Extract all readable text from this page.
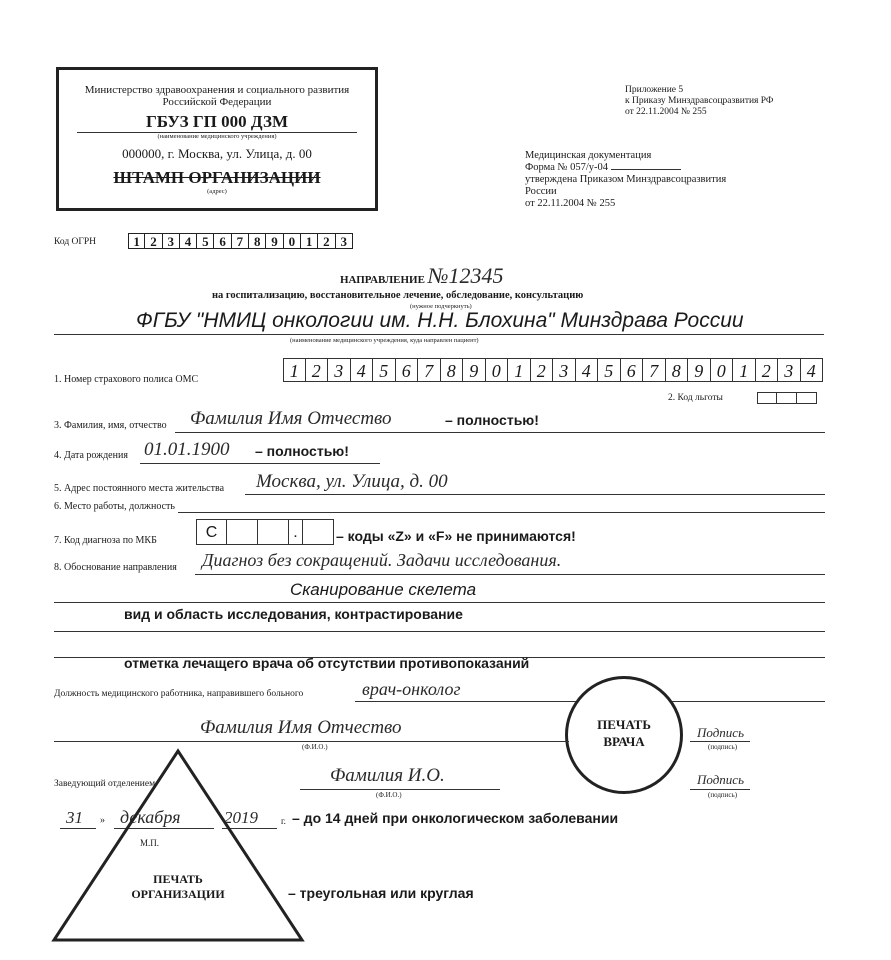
Министерство здравоохранения и социального развития
Российской Федерации
ГБУЗ ГП 000 ДЗМ
(наименование медицинского учреждения)
000000, г. Москва, ул. Улица, д. 00
ШТАМП ОРГАНИЗАЦИИ
(адрес)
Приложение 5
к Приказу Минздравсоцразвития РФ
от 22.11.2004 № 255
Медицинская документация
Форма № 057/у-04
утверждена Приказом Минздравсоцразвития
России
от 22.11.2004 № 255
Код ОГРН	1 2 3 4 5 6 7 8 9 0 1 2 3
НАПРАВЛЕНИЕ №12345
на госпитализацию, восстановительное лечение, обследование, консультацию
(нужное подчеркнуть)
ФГБУ "НМИЦ онкологии им. Н.Н. Блохина" Минздрава России
(наименование медицинского учреждения, куда направлен пациент)
1. Номер страхового полиса ОМС	1 2 3 4 5 6 7 8 9 0 1 2 3 4 5 6 7 8 9 0 1 2 3 4
2. Код льготы
3. Фамилия, имя, отчество Фамилия Имя Отчество	– полностью!
4. Дата рождения 01.01.1900 – полностью!
5. Адрес постоянного места жительства Москва, ул. Улица, д. 00
6. Место работы, должность
7. Код диагноза по МКБ	C	.	– коды «Z» и «F» не принимаются!
8. Обоснование направления Диагноз без сокращений. Задачи исследования.
Сканирование скелета
вид и область исследования, контрастирование
отметка лечащего врача об отсутствии противопоказаний
Должность медицинского работника, направившего больного	врач-онколог
ПЕЧАТЬ
ВРАЧА
Фамилия Имя Отчество
(Ф.И.О.)
Подпись
(подпись)
Заведующий отделением	Фамилия И.О.
(Ф.И.О.)
Подпись
(подпись)
31 » декабря	2019	г. – до 14 дней при онкологическом заболевании
М.П.
ПЕЧАТЬ
ОРГАНИЗАЦИИ	– треугольная или круглая
